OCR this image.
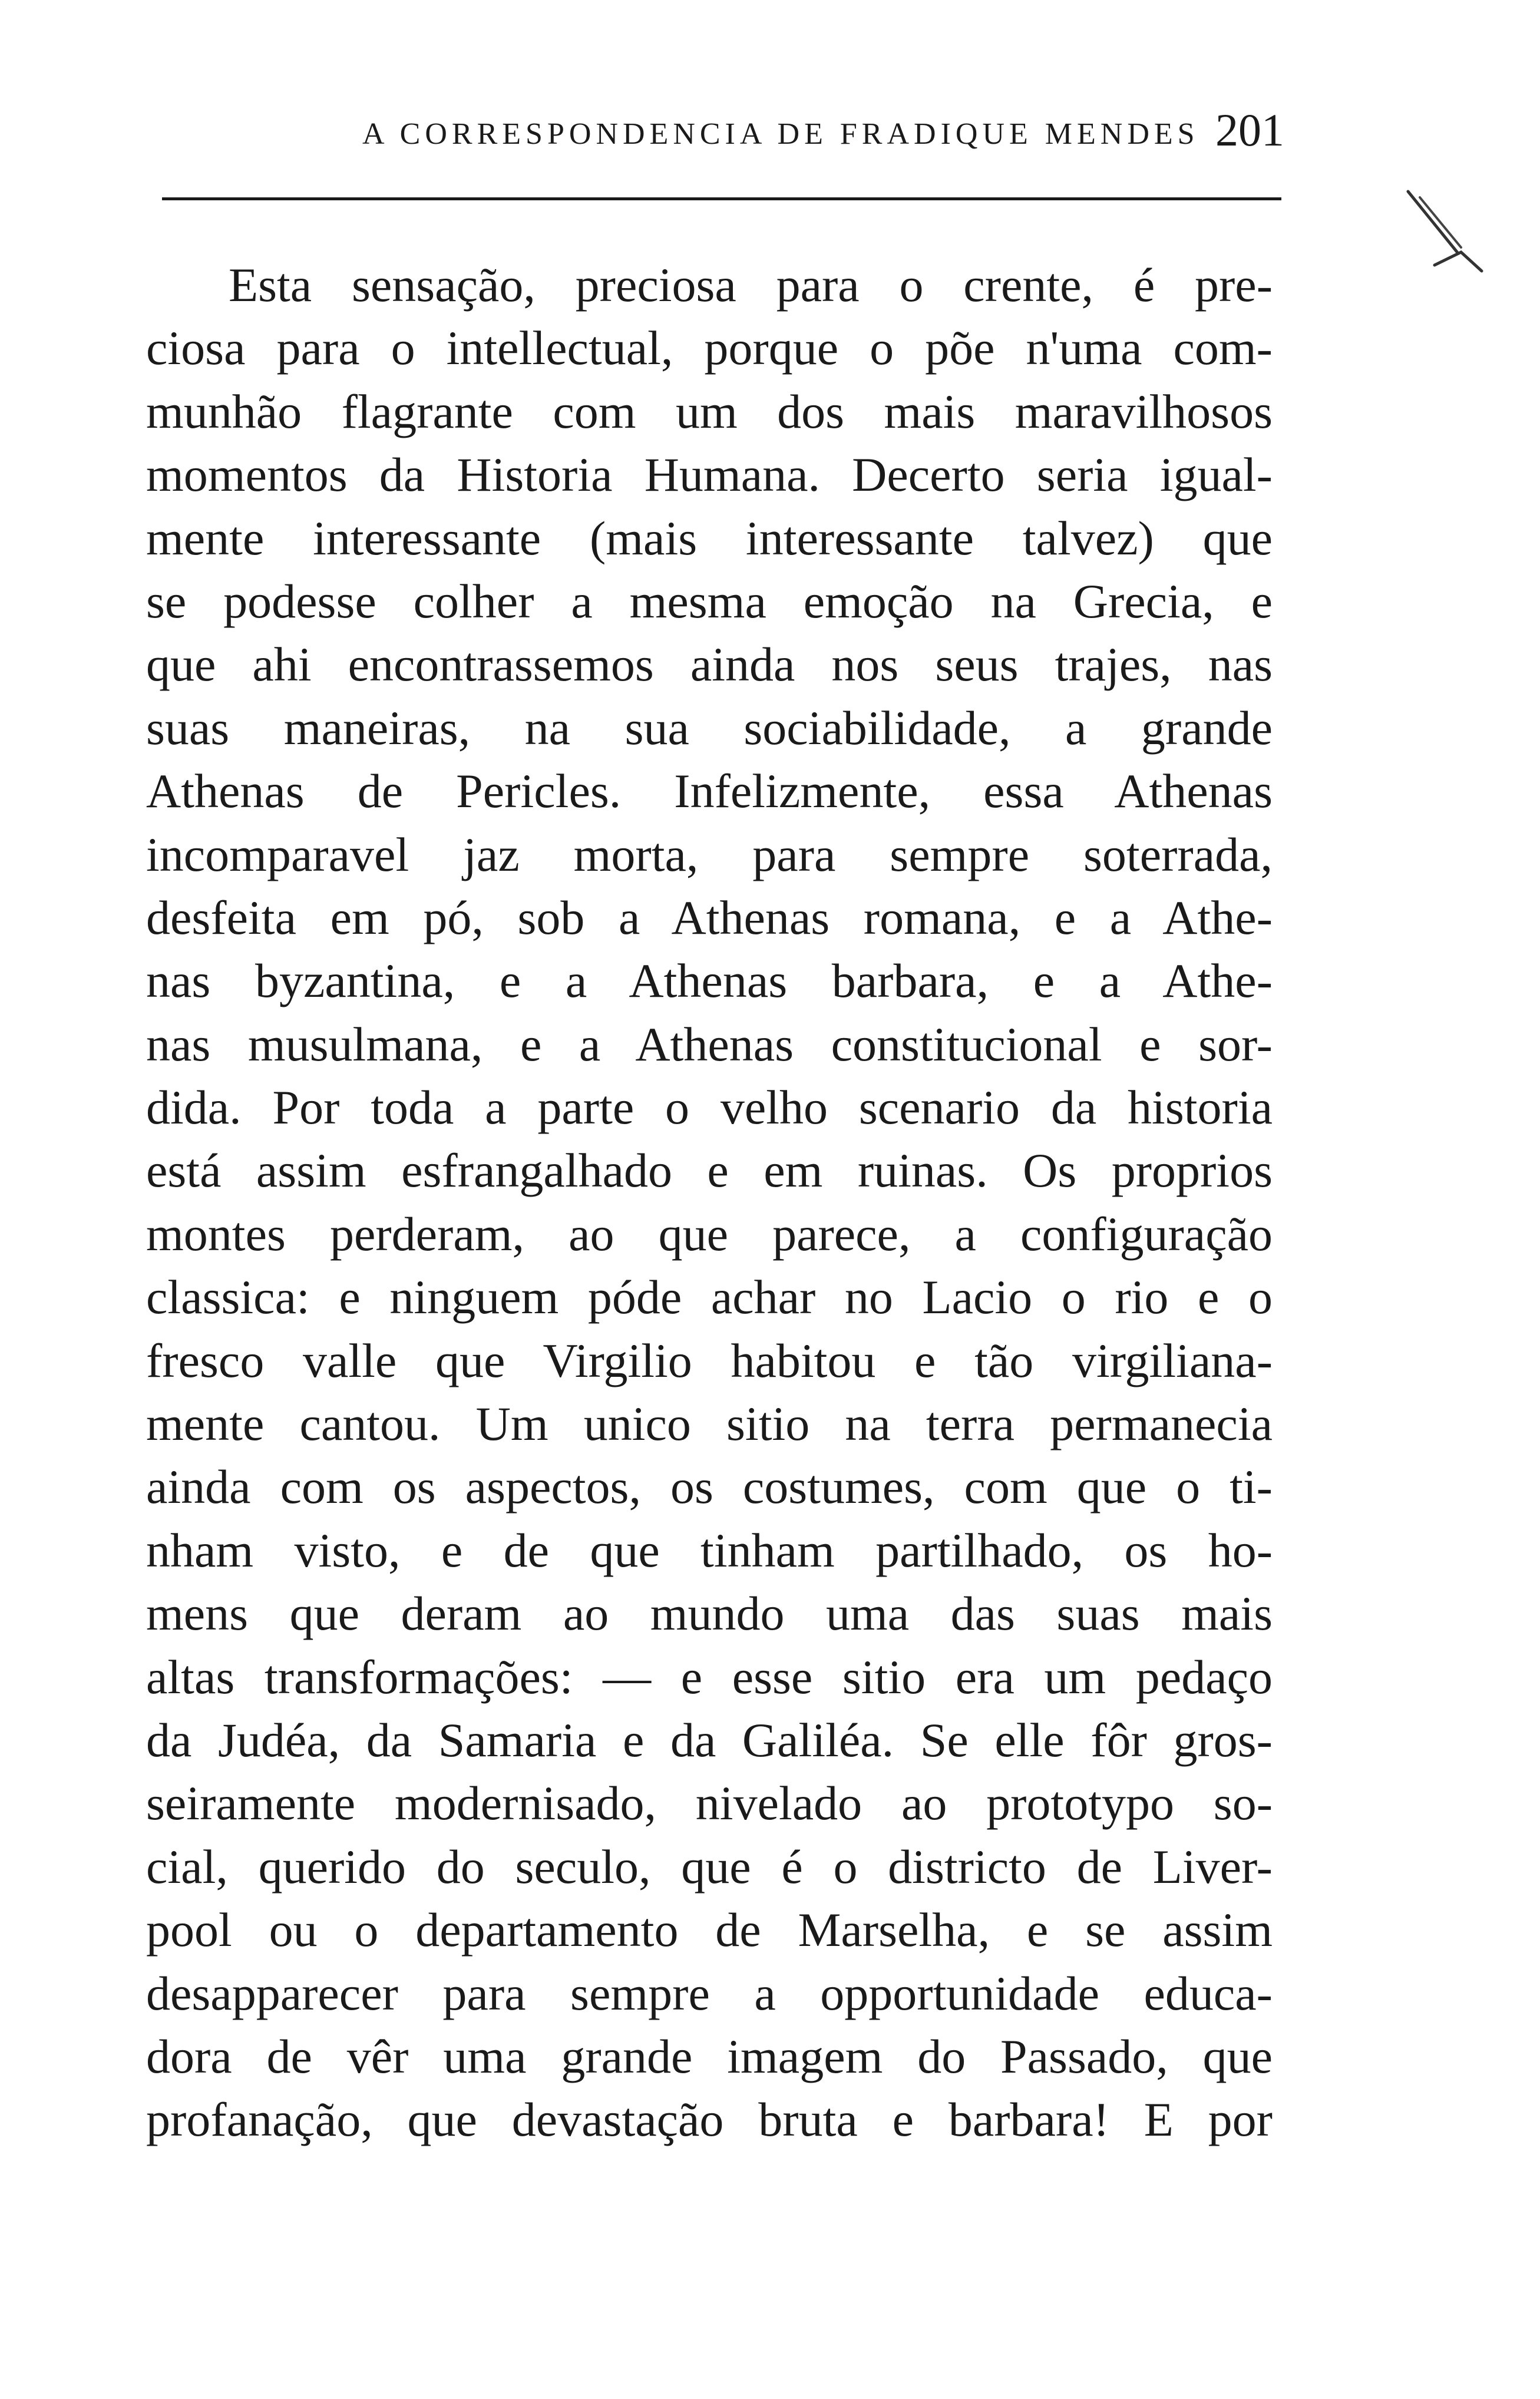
A CORRESPONDENCIA DE FRADIQUE MENDES 201
Esta sensação, preciosa para o crente, é pre-
ciosa para o intellectual, porque o põe n'uma com-
munhão flagrante com um dos mais maravilhosos
momentos da Historia Humana. Decerto seria igual-
mente interessante (mais interessante talvez) que
se podesse colher a mesma emoção na Grecia, e
que ahi encontrassemos ainda nos seus trajes, nas
suas maneiras, na sua sociabilidade, a grande
Athenas de Pericles. Infelizmente, essa Athenas
incomparavel jaz morta, para sempre soterrada,
desfeita em pó, sob a Athenas romana, e a Athe-
nas byzantina, e a Athenas barbara, e a Athe-
nas musulmana, e a Athenas constitucional e sor-
dida. Por toda a parte o velho scenario da historia
está assim esfrangalhado e em ruinas. Os proprios
montes perderam, ao que parece, a configuração
classica: e ninguem póde achar no Lacio o rio e o
fresco valle que Virgilio habitou e tão virgiliana-
mente cantou. Um unico sitio na terra permanecia
ainda com os aspectos, os costumes, com que o ti-
nham visto, e de que tinham partilhado, os ho-
mens que deram ao mundo uma das suas mais
altas transformações: — e esse sitio era um pedaço
da Judéa, da Samaria e da Galiléa. Se elle fôr gros-
seiramente modernisado, nivelado ao prototypo so-
cial, querido do seculo, que é o districto de Liver-
pool ou o departamento de Marselha, e se assim
desapparecer para sempre a opportunidade educa-
dora de vêr uma grande imagem do Passado, que
profanação, que devastação bruta e barbara! E por
